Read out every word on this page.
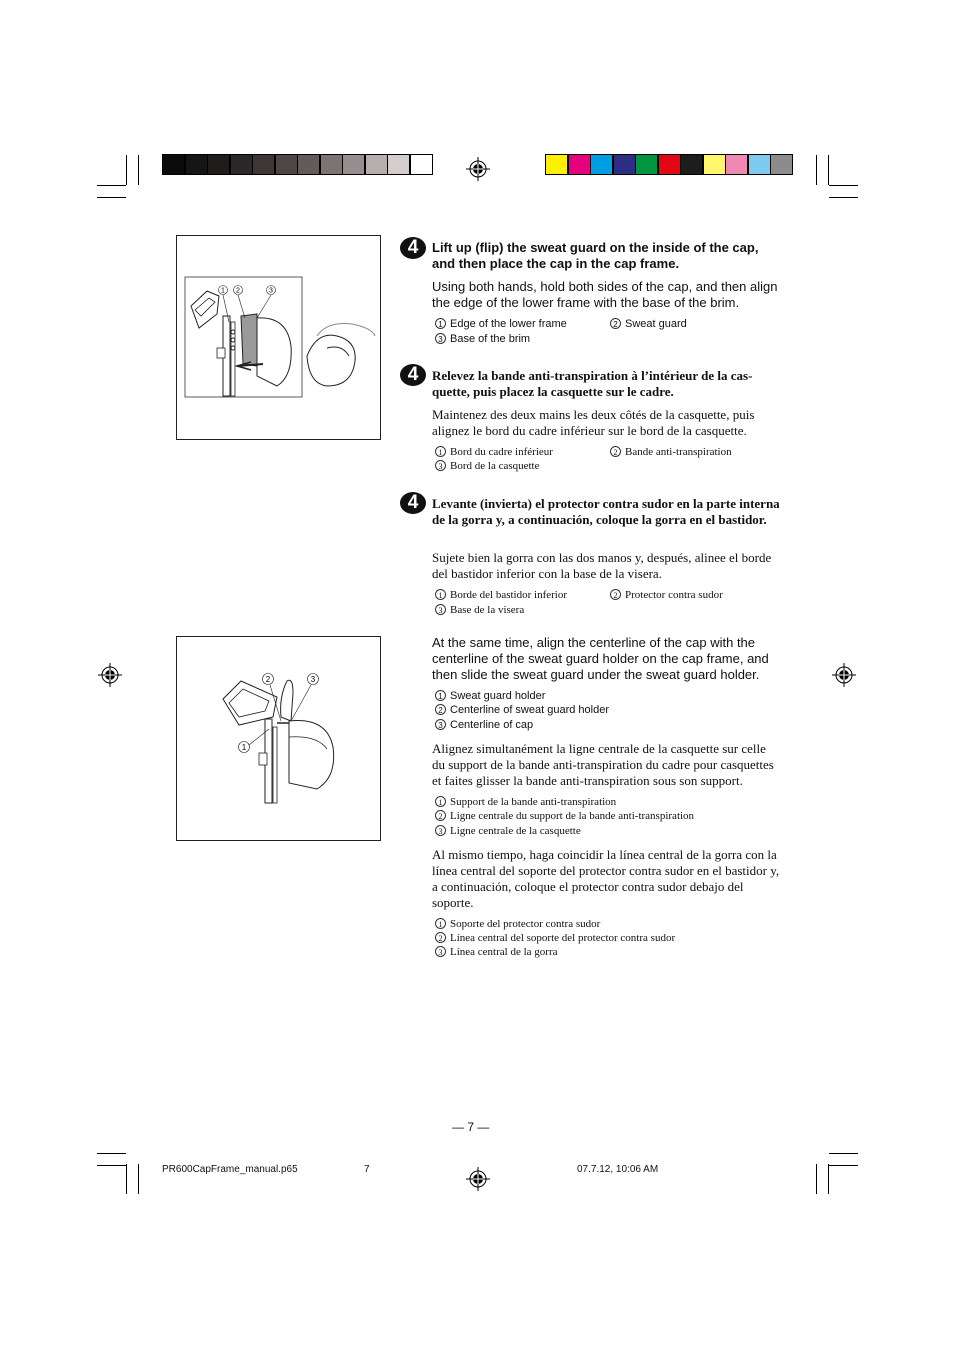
1 2	3
1
2	3
4	Lift up (flip) the sweat guard on the inside of the cap, and then place the cap in the cap frame.
Using both hands, hold both sides of the cap, and then align the edge of the lower frame with the base of the brim.
1 Edge of the lower frame	2 Sweat guard
3 Base of the brim
4	Relevez la bande anti-transpiration à l’intérieur de la cas-quette, puis placez la casquette sur le cadre.
Maintenez des deux mains les deux côtés de la casquette, puis alignez le bord du cadre inférieur sur le bord de la casquette.
1 Bord du cadre inférieur	2 Bande anti-transpiration
3 Bord de la casquette
4	Levante (invierta) el protector contra sudor en la parte interna de la gorra y, a continuación, coloque la gorra en el bastidor.
Sujete bien la gorra con las dos manos y, después, alinee el borde del bastidor inferior con la base de la visera.
1 Borde del bastidor inferior	2 Protector contra sudor
3 Base de la visera
At the same time, align the centerline of the cap with the centerline of the sweat guard holder on the cap frame, and then slide the sweat guard under the sweat guard holder.
1 Sweat guard holder
2 Centerline of sweat guard holder
3 Centerline of cap
Alignez simultanément la ligne centrale de la casquette sur celle du support de la bande anti-transpiration du cadre pour casquettes et faites glisser la bande anti-transpiration sous son support.
1 Support de la bande anti-transpiration
2 Ligne centrale du support de la bande anti-transpiration
3 Ligne centrale de la casquette
Al mismo tiempo, haga coincidir la línea central de la gorra con la línea central del soporte del protector contra sudor en el bastidor y, a continuación, coloque el protector contra sudor debajo del soporte.
1 Soporte del protector contra sudor
2 Línea central del soporte del protector contra sudor
3 Línea central de la gorra
— 7 —
PR600CapFrame_manual.p65	7	07.7.12, 10:06 AM
